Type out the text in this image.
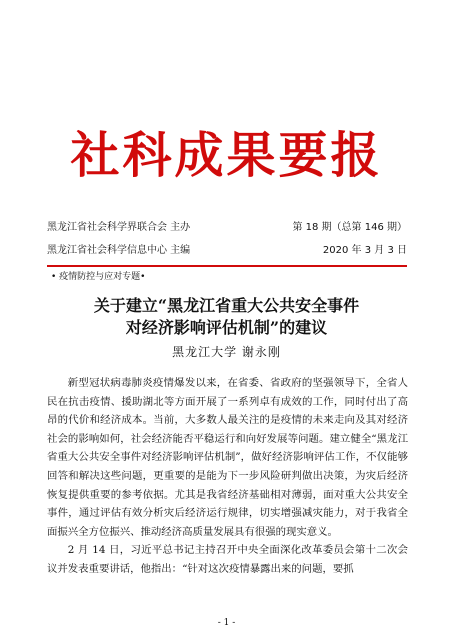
社科成果要报
黑龙江省社会科学界联合会 主办	第 18 期（总第 146 期）
黑龙江省社会科学信息中心 主编	2020 年 3 月 3 日
• 疫情防控与应对专题•
关于建立“黑龙江省重大公共安全事件
对经济影响评估机制”的建议
黑龙江大学 谢永刚

新型冠状病毒肺炎疫情爆发以来，在省委、省政府的坚强领导下，全省人民在抗击疫情、援助湖北等方面开展了一系列卓有成效的工作，同时付出了高昂的代价和经济成本。当前，大多数人最关注的是疫情的未来走向及其对经济社会的影响如何，社会经济能否平稳运行和向好发展等问题。建立健全“黑龙江省重大公共安全事件对经济影响评估机制”，做好经济影响评估工作，不仅能够回答和解决这些问题，更重要的是能为下一步风险研判做出决策，为灾后经济恢复提供重要的参考依据。尤其是我省经济基础相对薄弱，面对重大公共安全事件，通过评估有效分析灾后经济运行规律，切实增强减灾能力，对于我省全面振兴全方位振兴、推动经济高质量发展具有很强的现实意义。

2 月 14 日，习近平总书记主持召开中央全面深化改革委员会第十二次会议并发表重要讲话，他指出：“针对这次疫情暴露出来的问题，要抓

- 1 -
